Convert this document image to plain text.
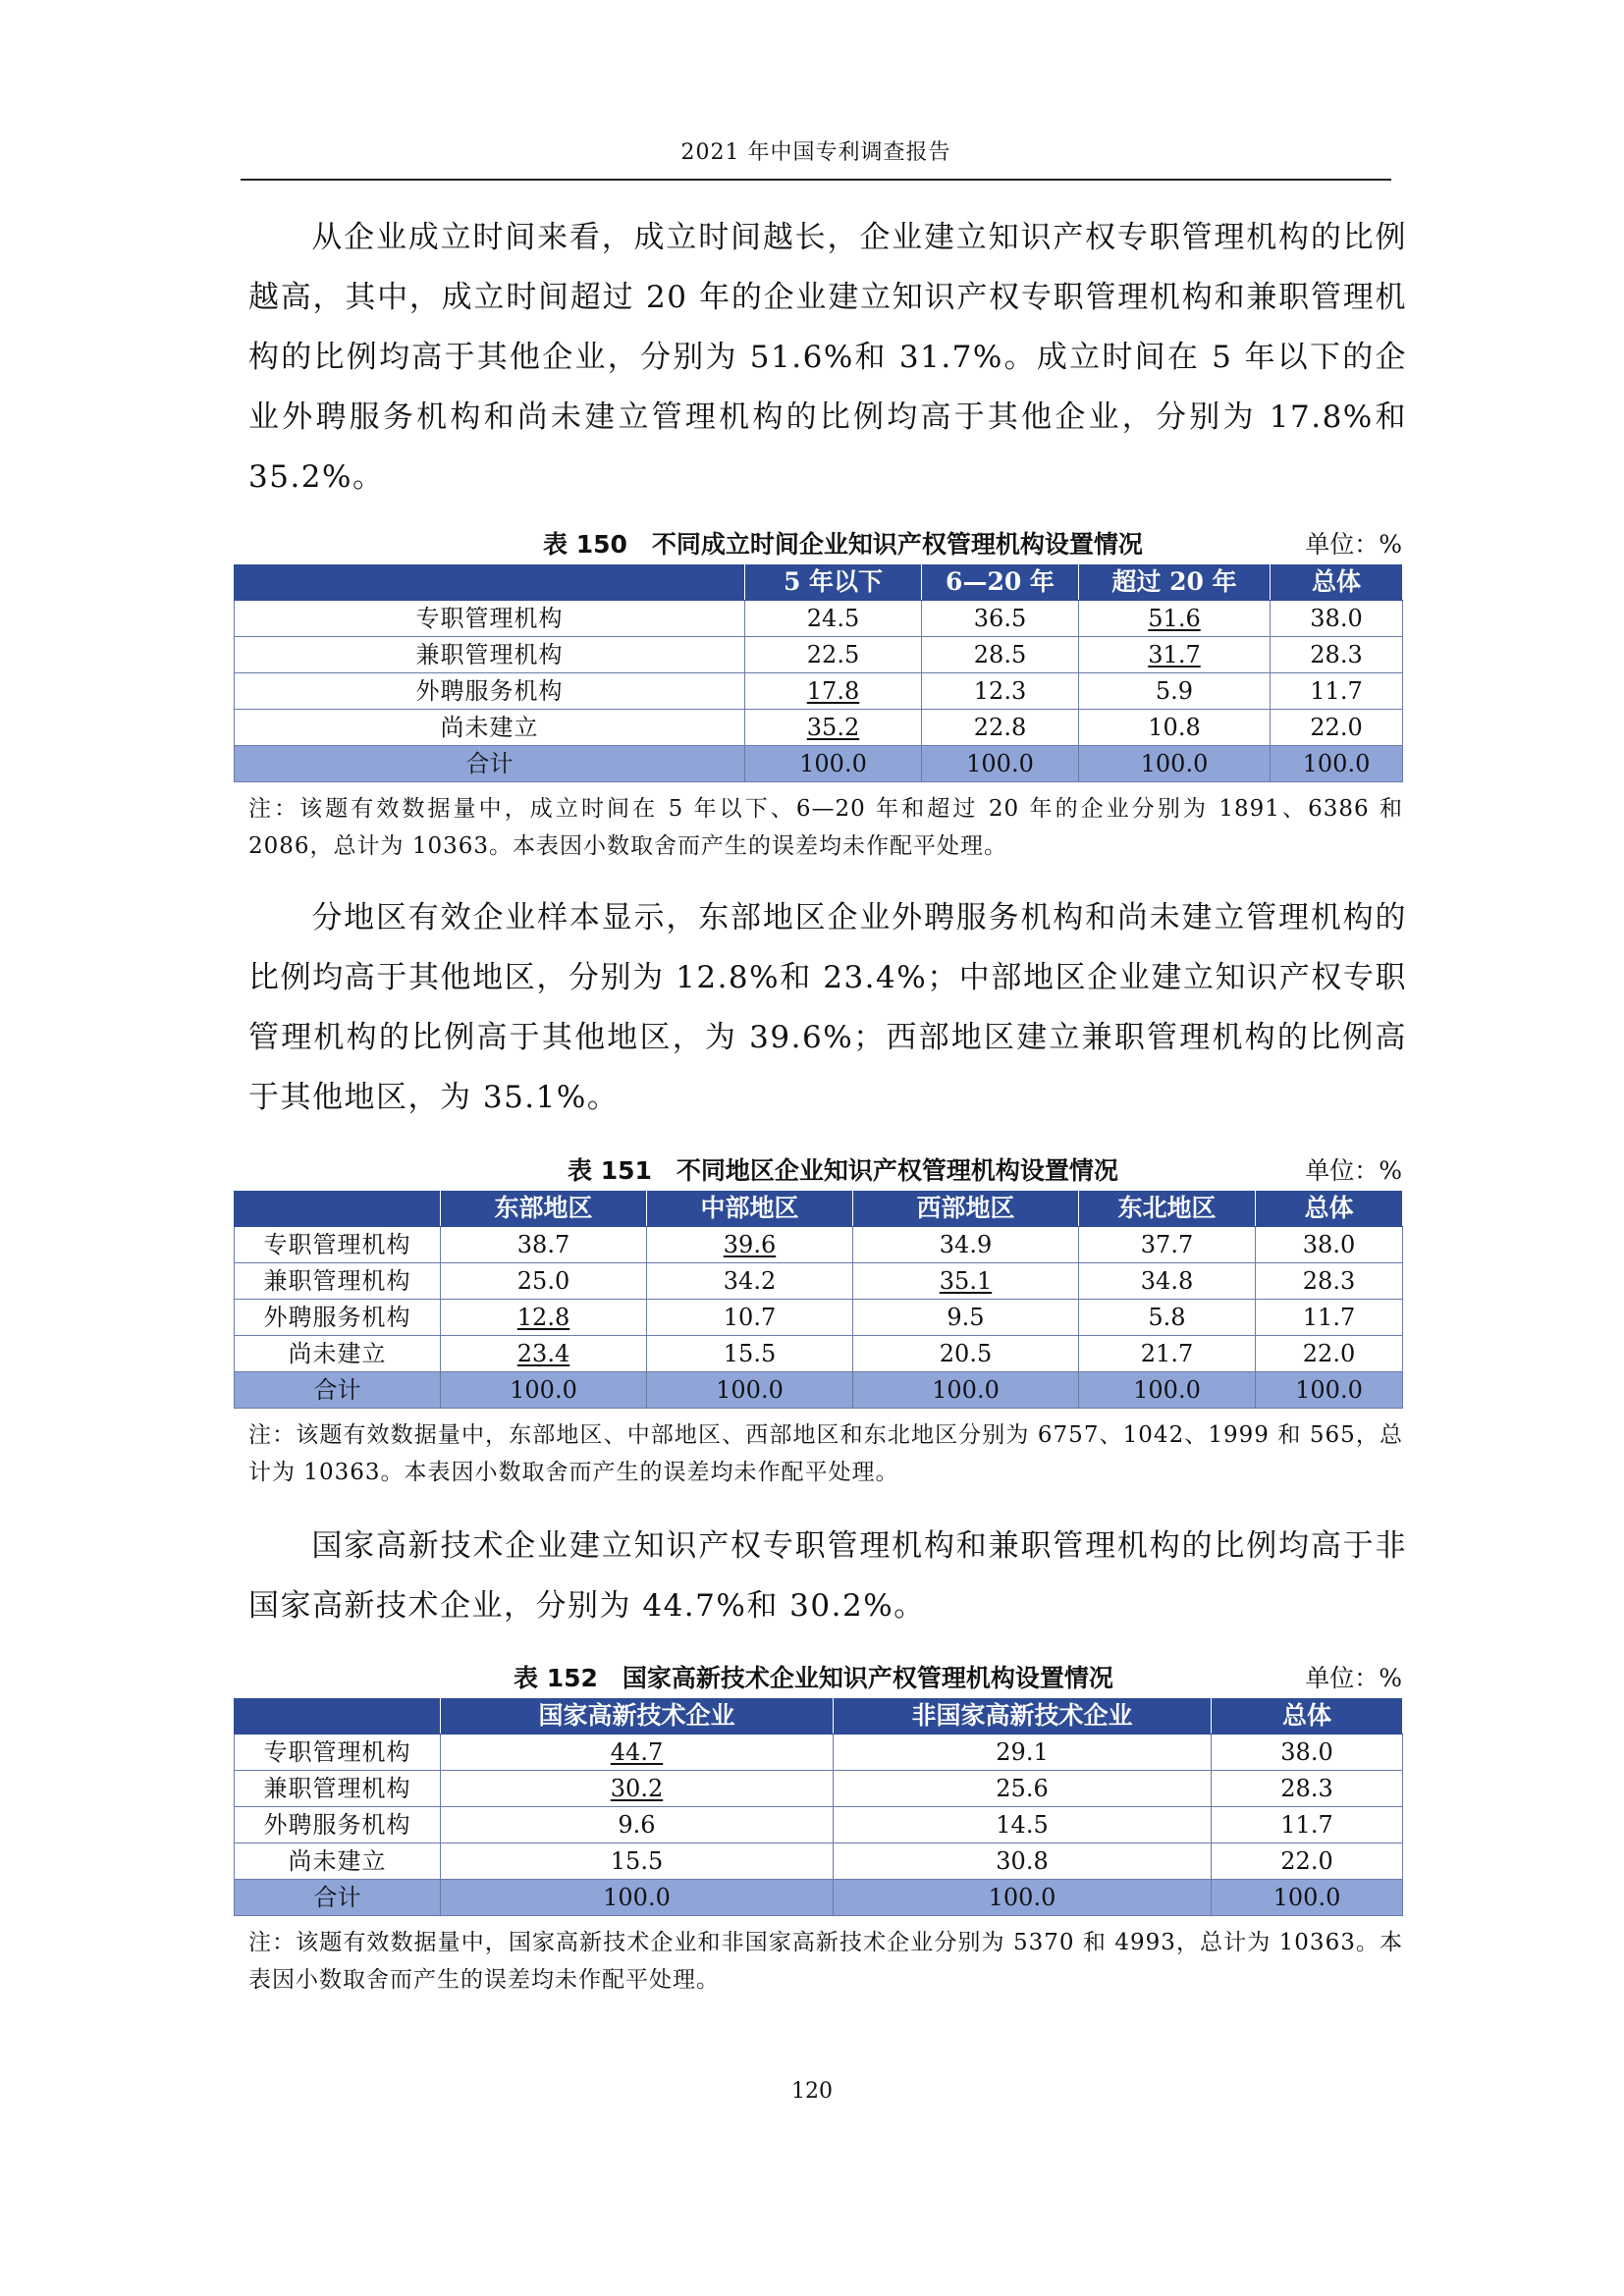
2021 年中国专利调查报告

从企业成立时间来看，成立时间越长，企业建立知识产权专职管理机构的比例越高，其中，成立时间超过 20 年的企业建立知识产权专职管理机构和兼职管理机构的比例均高于其他企业，分别为 51.6%和 31.7%。成立时间在 5 年以下的企业外聘服务机构和尚未建立管理机构的比例均高于其他企业，分别为 17.8%和 35.2%。

表 150　不同成立时间企业知识产权管理机构设置情况	单位：%
	5 年以下	6—20 年	超过 20 年	总体
专职管理机构	24.5	36.5	51.6	38.0
兼职管理机构	22.5	28.5	31.7	28.3
外聘服务机构	17.8	12.3	5.9	11.7
尚未建立	35.2	22.8	10.8	22.0
合计	100.0	100.0	100.0	100.0

注：该题有效数据量中，成立时间在 5 年以下、6—20 年和超过 20 年的企业分别为 1891、6386 和 2086，总计为 10363。本表因小数取舍而产生的误差均未作配平处理。

分地区有效企业样本显示，东部地区企业外聘服务机构和尚未建立管理机构的比例均高于其他地区，分别为 12.8%和 23.4%；中部地区企业建立知识产权专职管理机构的比例高于其他地区，为 39.6%；西部地区建立兼职管理机构的比例高于其他地区，为 35.1%。

表 151　不同地区企业知识产权管理机构设置情况	单位：%
	东部地区	中部地区	西部地区	东北地区	总体
专职管理机构	38.7	39.6	34.9	37.7	38.0
兼职管理机构	25.0	34.2	35.1	34.8	28.3
外聘服务机构	12.8	10.7	9.5	5.8	11.7
尚未建立	23.4	15.5	20.5	21.7	22.0
合计	100.0	100.0	100.0	100.0	100.0

注：该题有效数据量中，东部地区、中部地区、西部地区和东北地区分别为 6757、1042、1999 和 565，总计为 10363。本表因小数取舍而产生的误差均未作配平处理。

国家高新技术企业建立知识产权专职管理机构和兼职管理机构的比例均高于非国家高新技术企业，分别为 44.7%和 30.2%。

表 152　国家高新技术企业知识产权管理机构设置情况	单位：%
	国家高新技术企业	非国家高新技术企业	总体
专职管理机构	44.7	29.1	38.0
兼职管理机构	30.2	25.6	28.3
外聘服务机构	9.6	14.5	11.7
尚未建立	15.5	30.8	22.0
合计	100.0	100.0	100.0

注：该题有效数据量中，国家高新技术企业和非国家高新技术企业分别为 5370 和 4993，总计为 10363。本表因小数取舍而产生的误差均未作配平处理。

120
